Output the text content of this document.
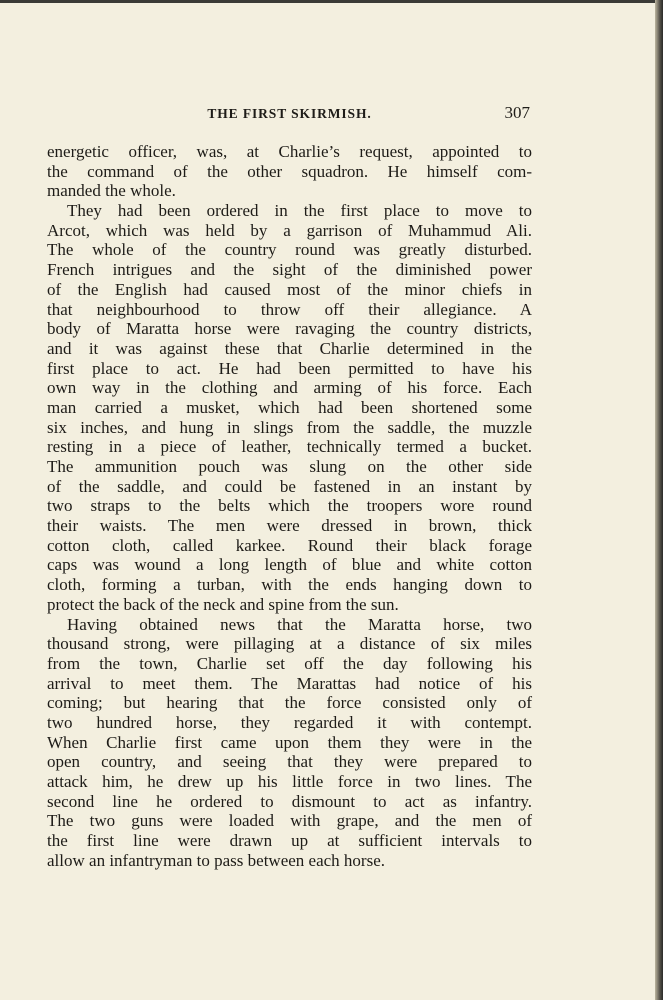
THE FIRST SKIRMISH.	307
energetic officer, was, at Charlie’s request, appointed to
the command of the other squadron. He himself com-
manded the whole.
They had been ordered in the first place to move to
Arcot, which was held by a garrison of Muhammud Ali.
The whole of the country round was greatly disturbed.
French intrigues and the sight of the diminished power
of the English had caused most of the minor chiefs in
that neighbourhood to throw off their allegiance. A
body of Maratta horse were ravaging the country districts,
and it was against these that Charlie determined in the
first place to act. He had been permitted to have his
own way in the clothing and arming of his force. Each
man carried a musket, which had been shortened some
six inches, and hung in slings from the saddle, the muzzle
resting in a piece of leather, technically termed a bucket.
The ammunition pouch was slung on the other side
of the saddle, and could be fastened in an instant by
two straps to the belts which the troopers wore round
their waists. The men were dressed in brown, thick
cotton cloth, called karkee. Round their black forage
caps was wound a long length of blue and white cotton
cloth, forming a turban, with the ends hanging down to
protect the back of the neck and spine from the sun.
Having obtained news that the Maratta horse, two
thousand strong, were pillaging at a distance of six miles
from the town, Charlie set off the day following his
arrival to meet them. The Marattas had notice of his
coming; but hearing that the force consisted only of
two hundred horse, they regarded it with contempt.
When Charlie first came upon them they were in the
open country, and seeing that they were prepared to
attack him, he drew up his little force in two lines. The
second line he ordered to dismount to act as infantry.
The two guns were loaded with grape, and the men of
the first line were drawn up at sufficient intervals to
allow an infantryman to pass between each horse.
